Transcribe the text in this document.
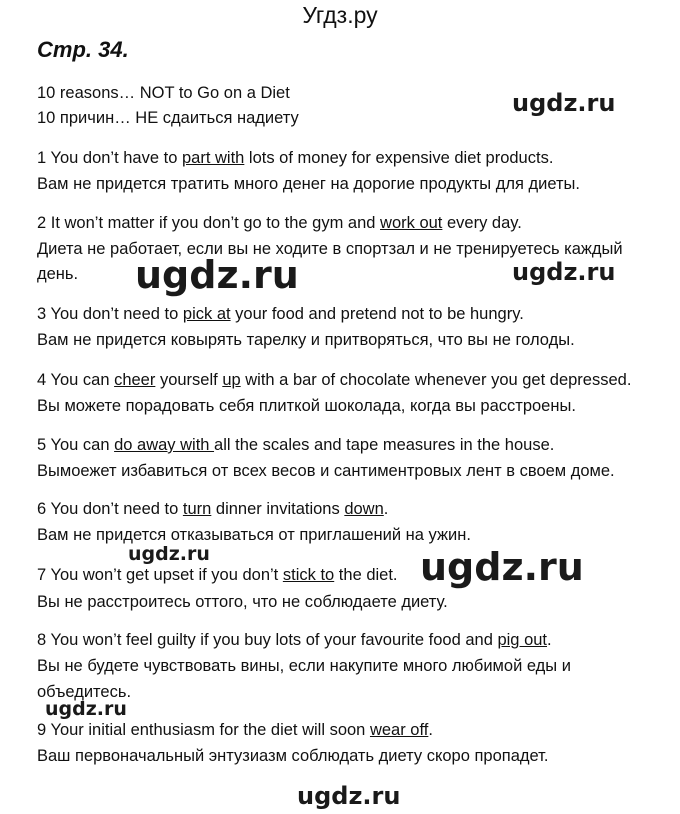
Угдз.ру
Стр. 34.
10 reasons… NOT to Go on a Diet
10 причин… НЕ сдаиться надиету
1 You don’t have to part with lots of money for expensive diet products.
Вам не придется тратить много денег на дорогие продукты для диеты.
2 It won’t matter if you don’t go to the gym and work out every day.
Диета не работает, если вы не ходите в спортзал и не тренируетесь каждый
день.
3 You don’t need to pick at your food and pretend not to be hungry.
Вам не придется ковырять тарелку и притворяться, что вы не голоды.
4 You can cheer yourself up with a bar of chocolate whenever you get depressed.
Вы можете порадовать себя плиткой шоколада, когда вы расстроены.
5 You can do away with all the scales and tape measures in the house.
Вымоежет избавиться от всех весов и сантиментровых лент в своем доме.
6 You don’t need to turn dinner invitations down.
Вам не придется отказываться от приглашений на ужин.
7 You won’t get upset if you don’t stick to the diet.
Вы не расстроитесь оттого, что не соблюдаете диету.
8 You won’t feel guilty if you buy lots of your favourite food and pig out.
Вы не будете чувствовать вины, если накупите много любимой еды и
объедитесь.
9 Your initial enthusiasm for the diet will soon wear off.
Ваш первоначальный энтузиазм соблюдать диету скоро пропадет.
ugdz.ru
ugdz.ru	ugdz.ru
ugdz.ru	ugdz.ru
ugdz.ru
ugdz.ru
